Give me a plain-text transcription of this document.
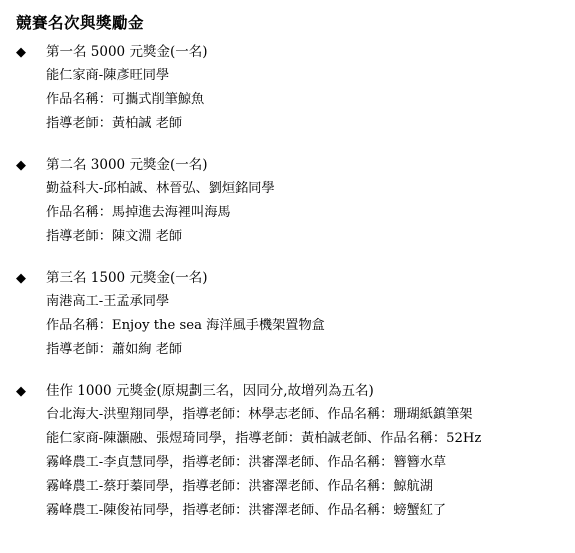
競賽名次與獎勵金
◆	第一名 5000 元獎金(一名)
能仁家商-陳彥旺同學
作品名稱：可攜式削筆鯨魚
指導老師：黃柏誠 老師
◆	第二名 3000 元獎金(一名)
勤益科大-邱柏誠、林晉弘、劉烜銘同學
作品名稱：馬掉進去海裡叫海馬
指導老師：陳文淵 老師
◆	第三名 1500 元獎金(一名)
南港高工-王孟承同學
作品名稱：Enjoy the sea 海洋風手機架置物盒
指導老師：蕭如絢 老師
◆	佳作 1000 元獎金(原規劃三名，因同分,故增列為五名)
台北海大-洪聖翔同學，指導老師：林學志老師、作品名稱：珊瑚紙鎮筆架
能仁家商-陳灝融、張煜琦同學，指導老師：黃柏誠老師、作品名稱：52Hz
霧峰農工-李貞慧同學，指導老師：洪審澤老師、作品名稱：簪簪水草
霧峰農工-蔡玗蓁同學，指導老師：洪審澤老師、作品名稱：鯨航湖
霧峰農工-陳俊祐同學，指導老師：洪審澤老師、作品名稱：螃蟹紅了
